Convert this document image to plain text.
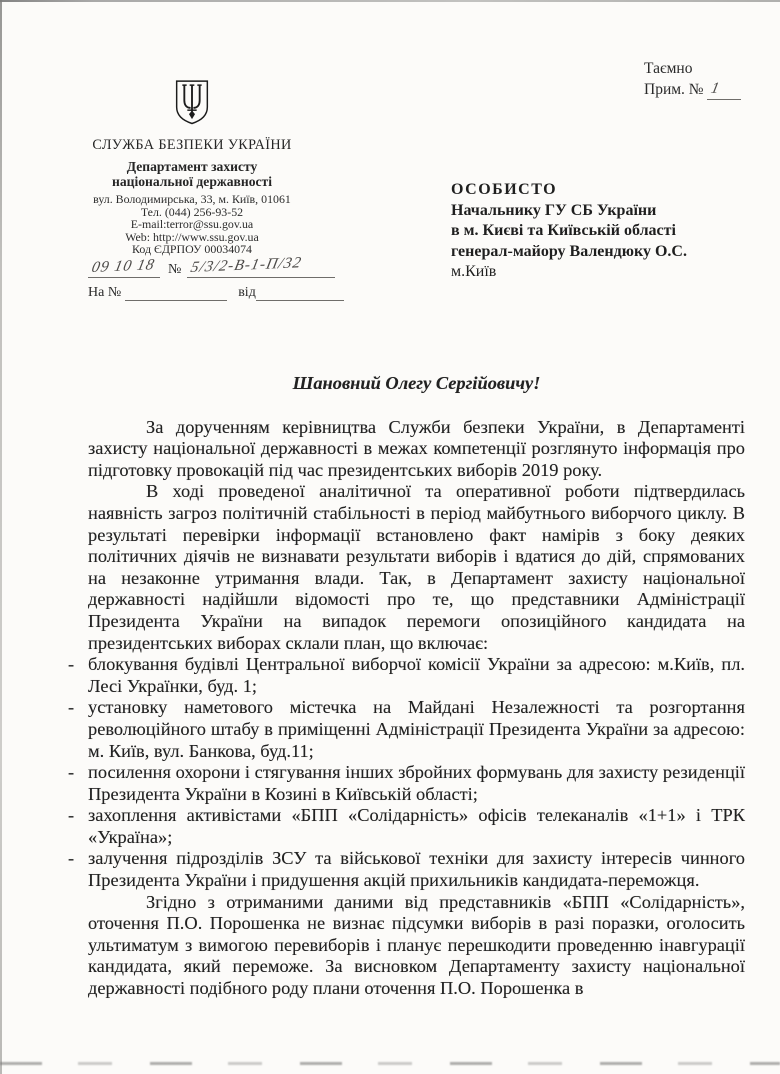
Таємно
Прим. № 1
СЛУЖБА БЕЗПЕКИ УКРАЇНИ
Департамент захисту
національної державності
вул. Володимирська, 33, м. Київ, 01061
Тел. (044) 256-93-52
E-mail:terror@ssu.gov.ua
Web: http://www.ssu.gov.ua
Код ЄДРПОУ 00034074
09 10 18 № 5/3/2-В-1-П/32
На №	від
ОСОБИСТО
Начальнику ГУ СБ України
в м. Києві та Київській області
генерал-майору Валендюку О.С.
м.Київ

Шановний Олегу Сергійовичу!

За дорученням керівництва Служби безпеки України, в Департаменті захисту національної державності в межах компетенції розглянуто інформація про підготовку провокацій під час президентських виборів 2019 року.

В ході проведеної аналітичної та оперативної роботи підтвердилась наявність загроз політичній стабільності в період майбутнього виборчого циклу. В результаті перевірки інформації встановлено факт намірів з боку деяких політичних діячів не визнавати результати виборів і вдатися до дій, спрямованих на незаконне утримання влади. Так, в Департамент захисту національної державності надійшли відомості про те, що представники Адміністрації Президента України на випадок перемоги опозиційного кандидата на президентських виборах склали план, що включає:

- блокування будівлі Центральної виборчої комісії України за адресою: м.Київ, пл. Лесі Українки, буд. 1;
- установку наметового містечка на Майдані Незалежності та розгортання революційного штабу в приміщенні Адміністрації Президента України за адресою: м. Київ, вул. Банкова, буд.11;
- посилення охорони і стягування інших збройних формувань для захисту резиденції Президента України в Козині в Київській області;
- захоплення активістами «БПП «Солідарність» офісів телеканалів «1+1» і ТРК «Україна»;
- залучення підрозділів ЗСУ та військової техніки для захисту інтересів чинного Президента України і придушення акцій прихильників кандидата-переможця.

Згідно з отриманими даними від представників «БПП «Солідарність», оточення П.О. Порошенка не визнає підсумки виборів в разі поразки, оголосить ультиматум з вимогою перевиборів і планує перешкодити проведенню інавгурації кандидата, який переможе. За висновком Департаменту захисту національної державності подібного роду плани оточення П.О. Порошенка в
